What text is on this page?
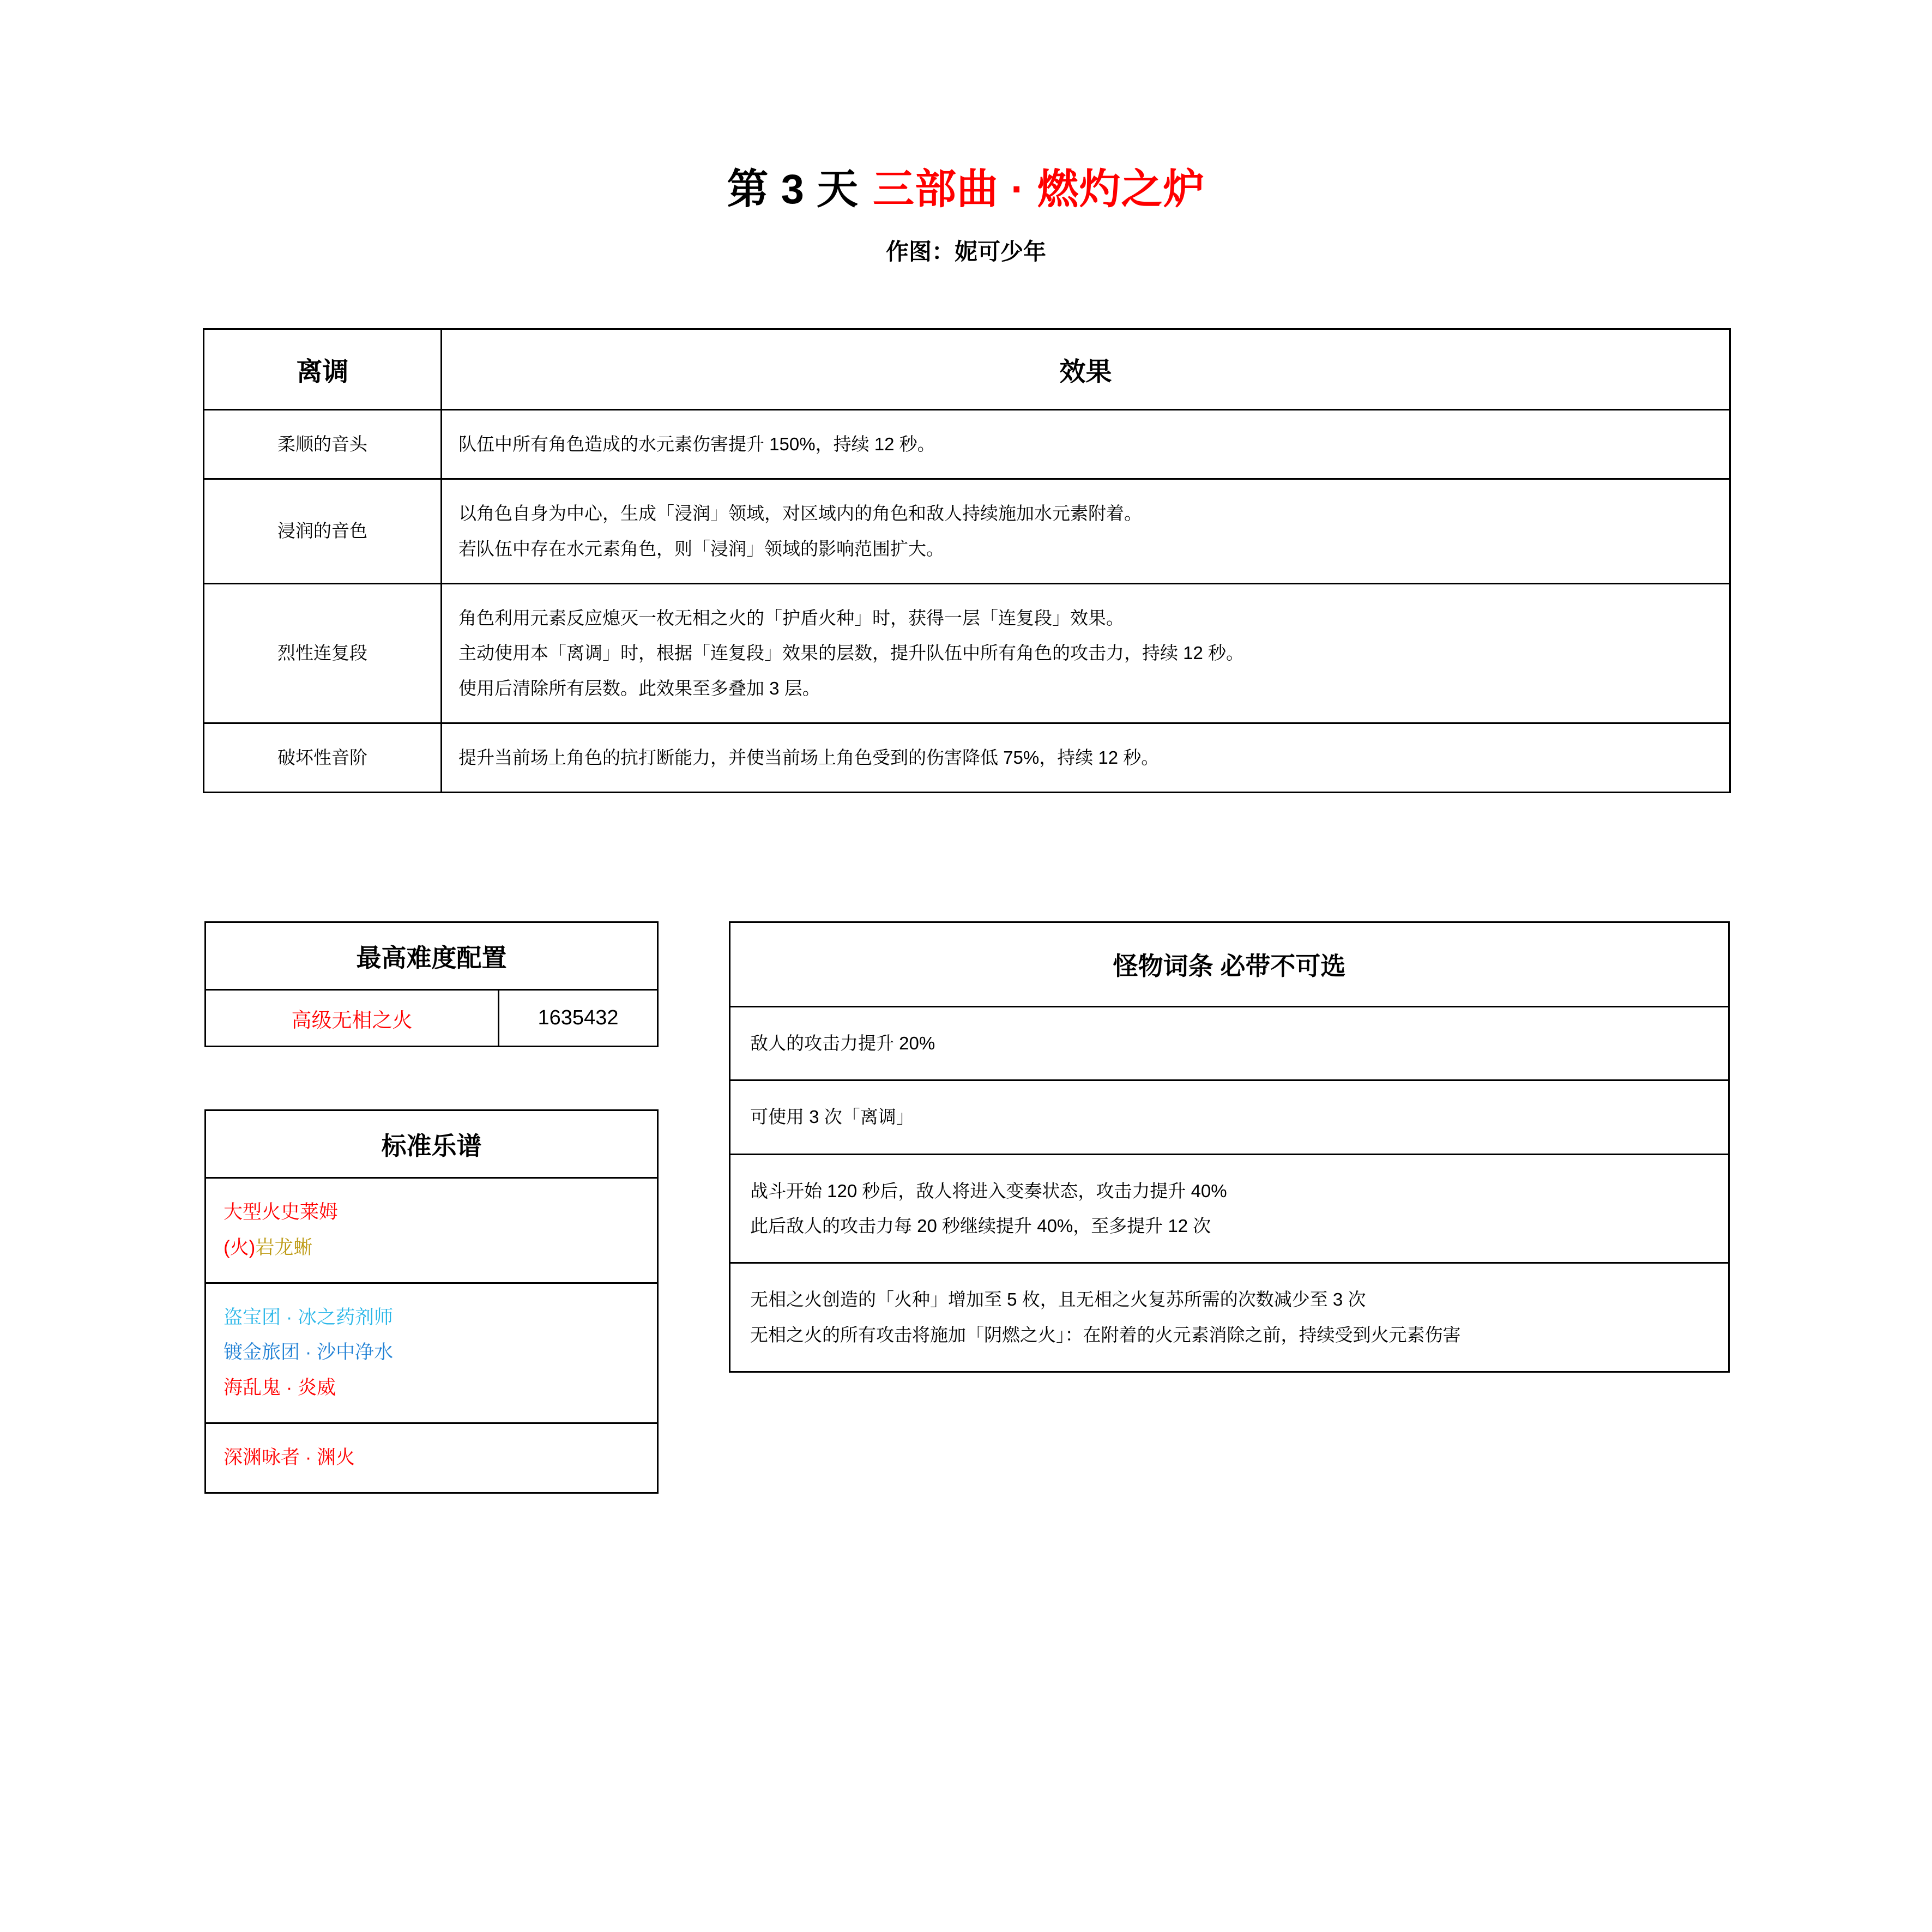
第 3 天 三部曲 · 燃灼之炉
作图：妮可少年
离调	效果
柔顺的音头	队伍中所有角色造成的水元素伤害提升 150%，持续 12 秒。

浸润的音色	以角色自身为中心，生成「浸润」领域，对区域内的角色和敌人持续施加水元素附着。
若队伍中存在水元素角色，则「浸润」领域的影响范围扩大。

烈性连复段	角色利用元素反应熄灭一枚无相之火的「护盾火种」时，获得一层「连复段」效果。
主动使用本「离调」时，根据「连复段」效果的层数，提升队伍中所有角色的攻击力，持续 12 秒。
使用后清除所有层数。此效果至多叠加 3 层。

破坏性音阶	提升当前场上角色的抗打断能力，并使当前场上角色受到的伤害降低 75%，持续 12 秒。
最高难度配置
高级无相之火	1635432
标准乐谱

大型火史莱姆
(火)岩龙蜥

盗宝团 · 冰之药剂师
镀金旅团 · 沙中净水
海乱鬼 · 炎威

深渊咏者 · 渊火
怪物词条 必带不可选

敌人的攻击力提升 20%

可使用 3 次「离调」

战斗开始 120 秒后，敌人将进入变奏状态，攻击力提升 40%
此后敌人的攻击力每 20 秒继续提升 40%，至多提升 12 次

无相之火创造的「火种」增加至 5 枚，且无相之火复苏所需的次数减少至 3 次
无相之火的所有攻击将施加「阴燃之火」：在附着的火元素消除之前，持续受到火元素伤害
